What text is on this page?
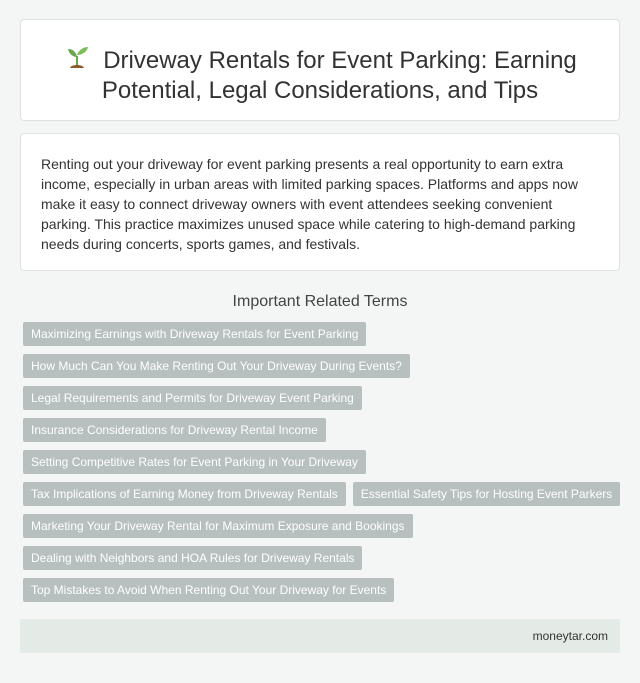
Driveway Rentals for Event Parking: Earning Potential, Legal Considerations, and Tips

Renting out your driveway for event parking presents a real opportunity to earn extra income, especially in urban areas with limited parking spaces. Platforms and apps now make it easy to connect driveway owners with event attendees seeking convenient parking. This practice maximizes unused space while catering to high-demand parking needs during concerts, sports games, and festivals.

Important Related Terms
Maximizing Earnings with Driveway Rentals for Event Parking
How Much Can You Make Renting Out Your Driveway During Events?
Legal Requirements and Permits for Driveway Event Parking
Insurance Considerations for Driveway Rental Income
Setting Competitive Rates for Event Parking in Your Driveway
Tax Implications of Earning Money from Driveway Rentals	Essential Safety Tips for Hosting Event Parkers
Marketing Your Driveway Rental for Maximum Exposure and Bookings
Dealing with Neighbors and HOA Rules for Driveway Rentals
Top Mistakes to Avoid When Renting Out Your Driveway for Events
moneytar.com
